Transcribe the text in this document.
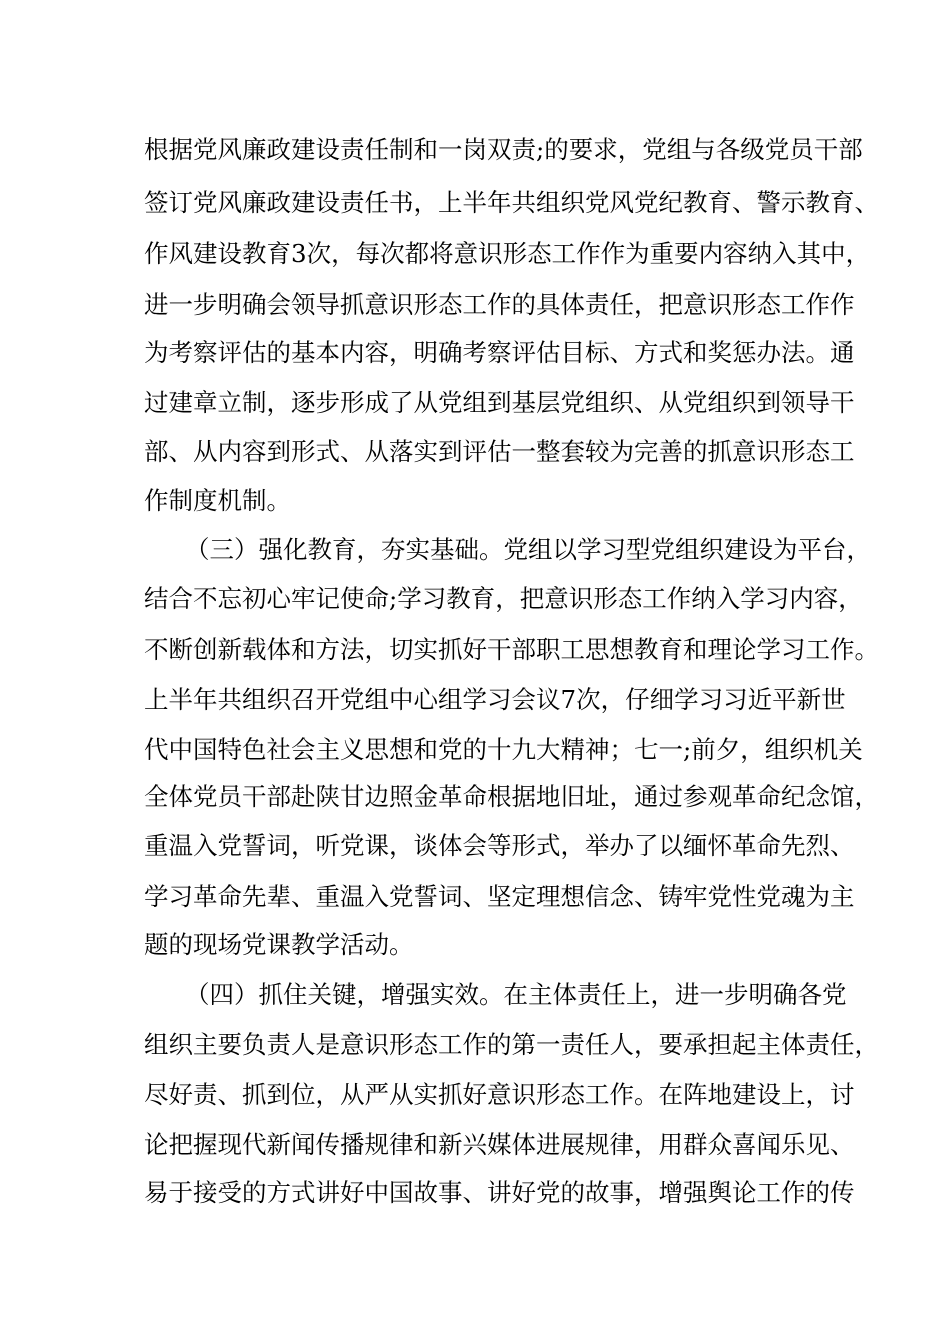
根据党风廉政建设责任制和一岗双责;的要求，党组与各级党员干部
签订党风廉政建设责任书，上半年共组织党风党纪教育、警示教育、
作风建设教育3次，每次都将意识形态工作作为重要内容纳入其中，
进一步明确会领导抓意识形态工作的具体责任，把意识形态工作作
为考察评估的基本内容，明确考察评估目标、方式和奖惩办法。通
过建章立制，逐步形成了从党组到基层党组织、从党组织到领导干
部、从内容到形式、从落实到评估一整套较为完善的抓意识形态工
作制度机制。
（三）强化教育，夯实基础。党组以学习型党组织建设为平台，
结合不忘初心牢记使命;学习教育，把意识形态工作纳入学习内容，
不断创新载体和方法，切实抓好干部职工思想教育和理论学习工作。
上半年共组织召开党组中心组学习会议7次，仔细学习习近平新世
代中国特色社会主义思想和党的十九大精神；七一;前夕，组织机关
全体党员干部赴陕甘边照金革命根据地旧址，通过参观革命纪念馆，
重温入党誓词，听党课，谈体会等形式，举办了以缅怀革命先烈、
学习革命先辈、重温入党誓词、坚定理想信念、铸牢党性党魂为主
题的现场党课教学活动。
（四）抓住关键，增强实效。在主体责任上，进一步明确各党
组织主要负责人是意识形态工作的第一责任人，要承担起主体责任，
尽好责、抓到位，从严从实抓好意识形态工作。在阵地建设上，讨
论把握现代新闻传播规律和新兴媒体进展规律，用群众喜闻乐见、
易于接受的方式讲好中国故事、讲好党的故事，增强舆论工作的传
